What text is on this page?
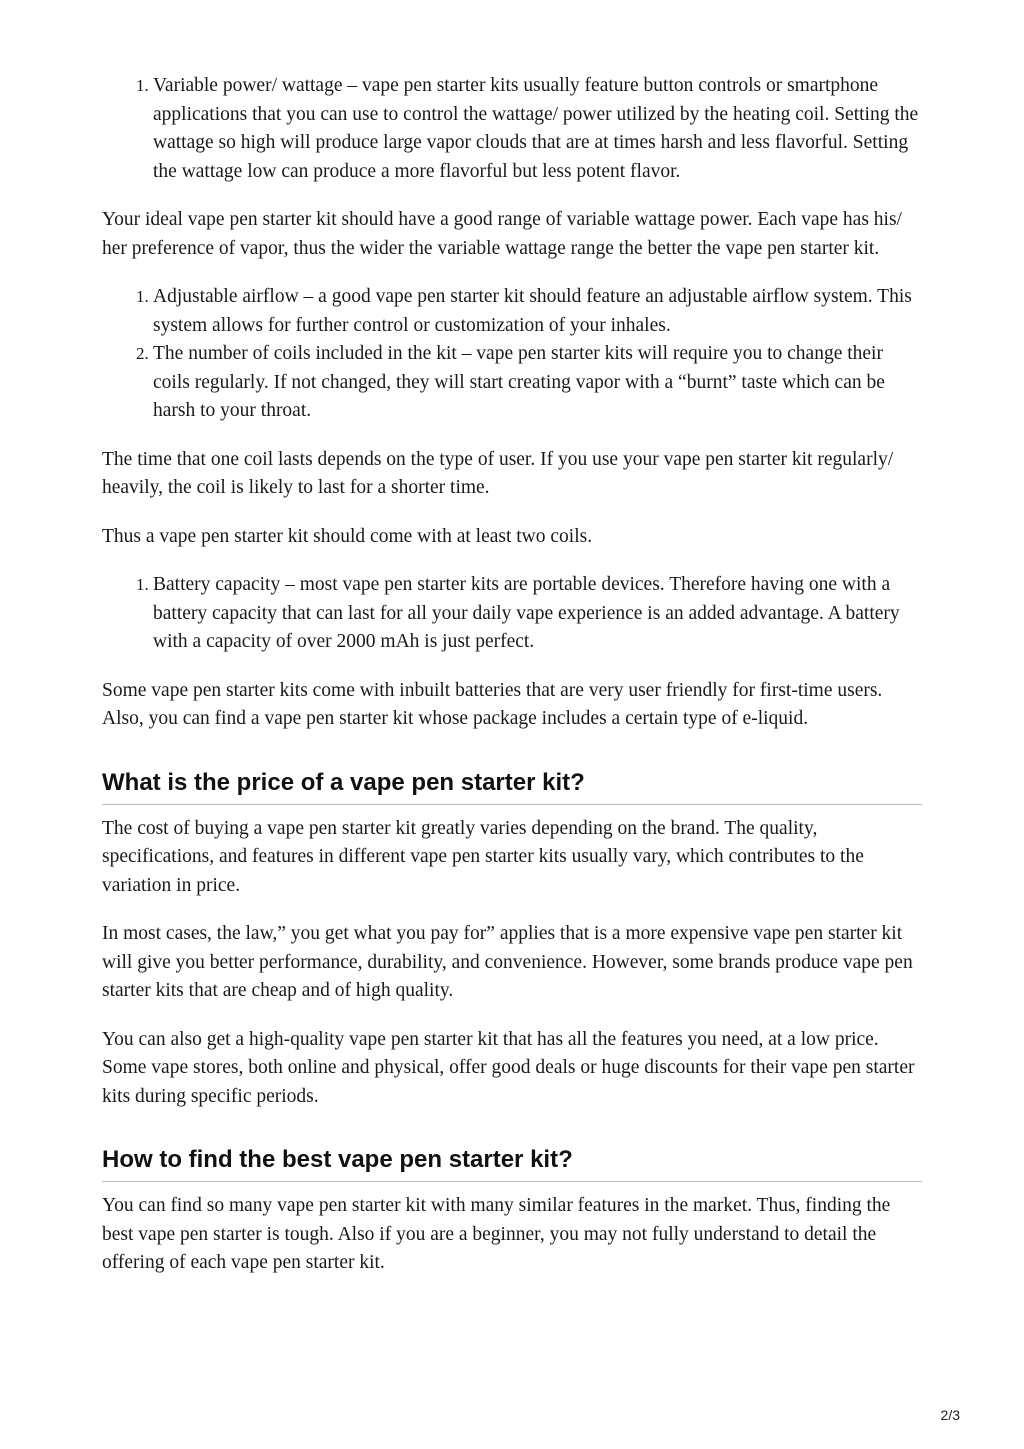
1. Variable power/ wattage – vape pen starter kits usually feature button controls or smartphone applications that you can use to control the wattage/ power utilized by the heating coil. Setting the wattage so high will produce large vapor clouds that are at times harsh and less flavorful. Setting the wattage low can produce a more flavorful but less potent flavor.

Your ideal vape pen starter kit should have a good range of variable wattage power. Each vape has his/ her preference of vapor, thus the wider the variable wattage range the better the vape pen starter kit.

1. Adjustable airflow – a good vape pen starter kit should feature an adjustable airflow system. This system allows for further control or customization of your inhales.
2. The number of coils included in the kit – vape pen starter kits will require you to change their coils regularly. If not changed, they will start creating vapor with a “burnt” taste which can be harsh to your throat.

The time that one coil lasts depends on the type of user. If you use your vape pen starter kit regularly/ heavily, the coil is likely to last for a shorter time.

Thus a vape pen starter kit should come with at least two coils.

1. Battery capacity – most vape pen starter kits are portable devices. Therefore having one with a battery capacity that can last for all your daily vape experience is an added advantage. A battery with a capacity of over 2000 mAh is just perfect.

Some vape pen starter kits come with inbuilt batteries that are very user friendly for first-time users. Also, you can find a vape pen starter kit whose package includes a certain type of e-liquid.

What is the price of a vape pen starter kit?

The cost of buying a vape pen starter kit greatly varies depending on the brand. The quality, specifications, and features in different vape pen starter kits usually vary, which contributes to the variation in price.

In most cases, the law,” you get what you pay for” applies that is a more expensive vape pen starter kit will give you better performance, durability, and convenience. However, some brands produce vape pen starter kits that are cheap and of high quality.

You can also get a high-quality vape pen starter kit that has all the features you need, at a low price. Some vape stores, both online and physical, offer good deals or huge discounts for their vape pen starter kits during specific periods.

How to find the best vape pen starter kit?

You can find so many vape pen starter kit with many similar features in the market. Thus, finding the best vape pen starter is tough. Also if you are a beginner, you may not fully understand to detail the offering of each vape pen starter kit.

2/3
